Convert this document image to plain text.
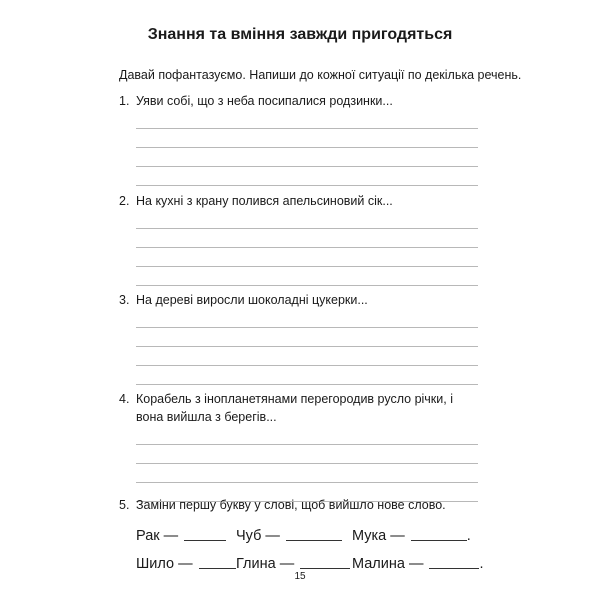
Знання та вміння завжди пригодяться
Давай пофантазуємо. Напиши до кожної ситуації по декілька речень.
1. Уяви собі, що з неба посипалися родзинки...
2. На кухні з крану полився апельсиновий сік...
3. На дереві виросли шоколадні цукерки...
4. Корабель з інопланетянами перегородив русло річки, і вона вийшла з берегів...
5. Заміни першу букву у слові, щоб вийшло нове слово.
Рак —	Чуб —	Мука —	.
Шило —	Глина —	Малина —	.
15
